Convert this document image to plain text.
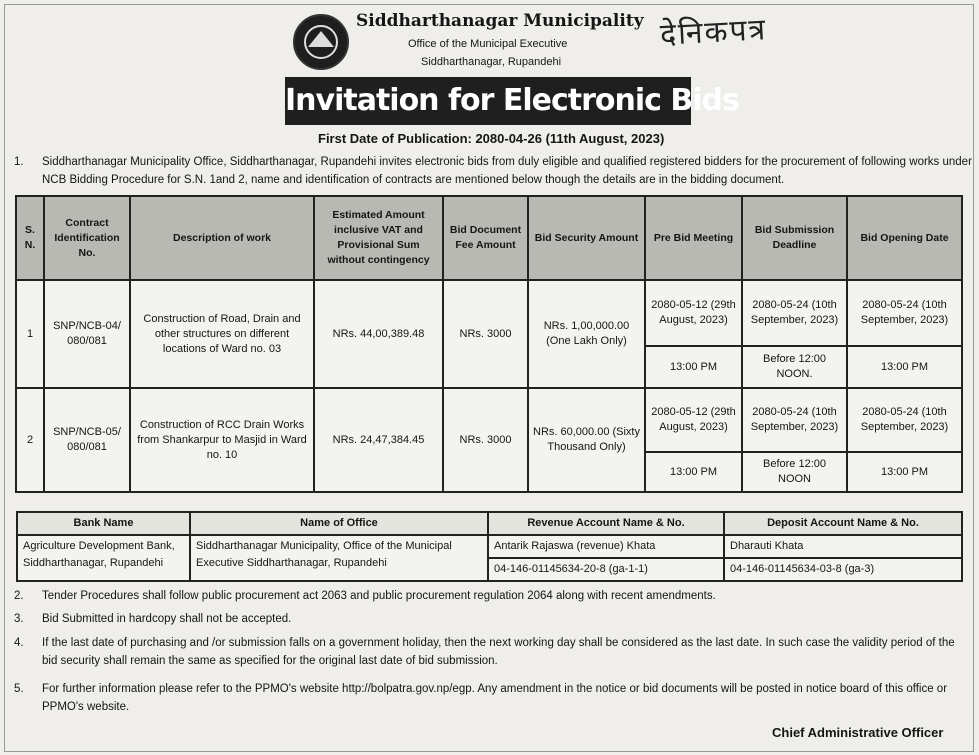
Siddharthanagar Municipality
Office of the Municipal Executive
Siddharthanagar, Rupandehi
देनिकपत्र
Invitation for Electronic Bids
First Date of Publication: 2080-04-26 (11th August, 2023)
1.	Siddharthanagar Municipality Office, Siddharthanagar, Rupandehi invites electronic bids from duly eligible and qualified registered bidders for the procurement of following works under NCB Bidding Procedure for S.N. 1and 2, name and identification of contracts are mentioned below though the details are in the bidding document.
S. N.	Contract Identification No.	Description of work	Estimated Amount inclusive VAT and Provisional Sum without contingency	Bid Document Fee Amount	Bid Security Amount	Pre Bid Meeting	Bid Submission Deadline	Bid Opening Date
1	SNP/NCB-04/ 080/081	Construction of Road, Drain and other structures on different locations of Ward no. 03	NRs. 44,00,389.48	NRs. 3000	NRs. 1,00,000.00 (One Lakh Only)	2080-05-12 (29th August, 2023)	2080-05-24 (10th September, 2023)	2080-05-24 (10th September, 2023)
						13:00 PM	Before 12:00 NOON.	13:00 PM
2	SNP/NCB-05/ 080/081	Construction of RCC Drain Works from Shankarpur to Masjid in Ward no. 10	NRs. 24,47,384.45	NRs. 3000	NRs. 60,000.00 (Sixty Thousand Only)	2080-05-12 (29th August, 2023)	2080-05-24 (10th September, 2023)	2080-05-24 (10th September, 2023)
						13:00 PM	Before 12:00 NOON	13:00 PM
Bank Name	Name of Office	Revenue Account Name & No.	Deposit Account Name & No.
Agriculture Development Bank, Siddharthanagar, Rupandehi	Siddharthanagar Municipality, Office of the Municipal Executive Siddharthanagar, Rupandehi	Antarik Rajaswa (revenue) Khata	Dharauti Khata
		04-146-01145634-20-8 (ga-1-1)	04-146-01145634-03-8 (ga-3)
2.	Tender Procedures shall follow public procurement act 2063 and public procurement regulation 2064 along with recent amendments.
3.	Bid Submitted in hardcopy shall not be accepted.
4.	If the last date of purchasing and /or submission falls on a government holiday, then the next working day shall be considered as the last date. In such case the validity period of the bid security shall remain the same as specified for the original last date of bid submission.
5.	For further information please refer to the PPMO's website http://bolpatra.gov.np/egp. Any amendment in the notice or bid documents will be posted in notice board of this office or PPMO's website.
Chief Administrative Officer
